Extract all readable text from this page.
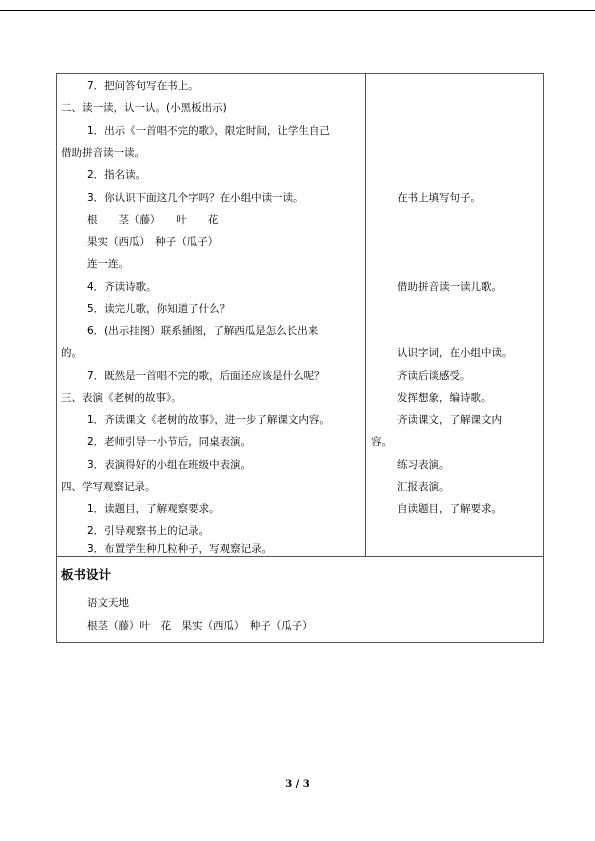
7．把问答句写在书上。
二、读一读，认一认。(小黑板出示)
1．出示《一首唱不完的歌》，限定时间，让学生自己
借助拼音读一读。
2．指名读。
3．你认识下面这几个字吗？在小组中读一读。
根　　茎（藤）　　叶　　花
果实（西瓜）　种子（瓜子）
连一连。
4．齐读诗歌。
5．读完儿歌，你知道了什么？
6．(出示挂图）联系插图，了解西瓜是怎么长出来
的。
7．既然是一首唱不完的歌，后面还应该是什么呢？
三、表演《老树的故事》。
1．齐读课文《老树的故事》，进一步了解课文内容。
2．老师引导一小节后，同桌表演。
3．表演得好的小组在班级中表演。
四、学写观察记录。
1．读题目，了解观察要求。
2．引导观察书上的记录。
3．布置学生种几粒种子，写观察记录。
在书上填写句子。
借助拼音读一读儿歌。
认识字词，在小组中读。
齐读后谈感受。
发挥想象，编诗歌。
齐读课文，了解课文内
容。
练习表演。
汇报表演。
自读题目，了解要求。
板书设计
语文天地
根茎（藤）叶　花　果实（西瓜）　种子（瓜子）
3 / 3
